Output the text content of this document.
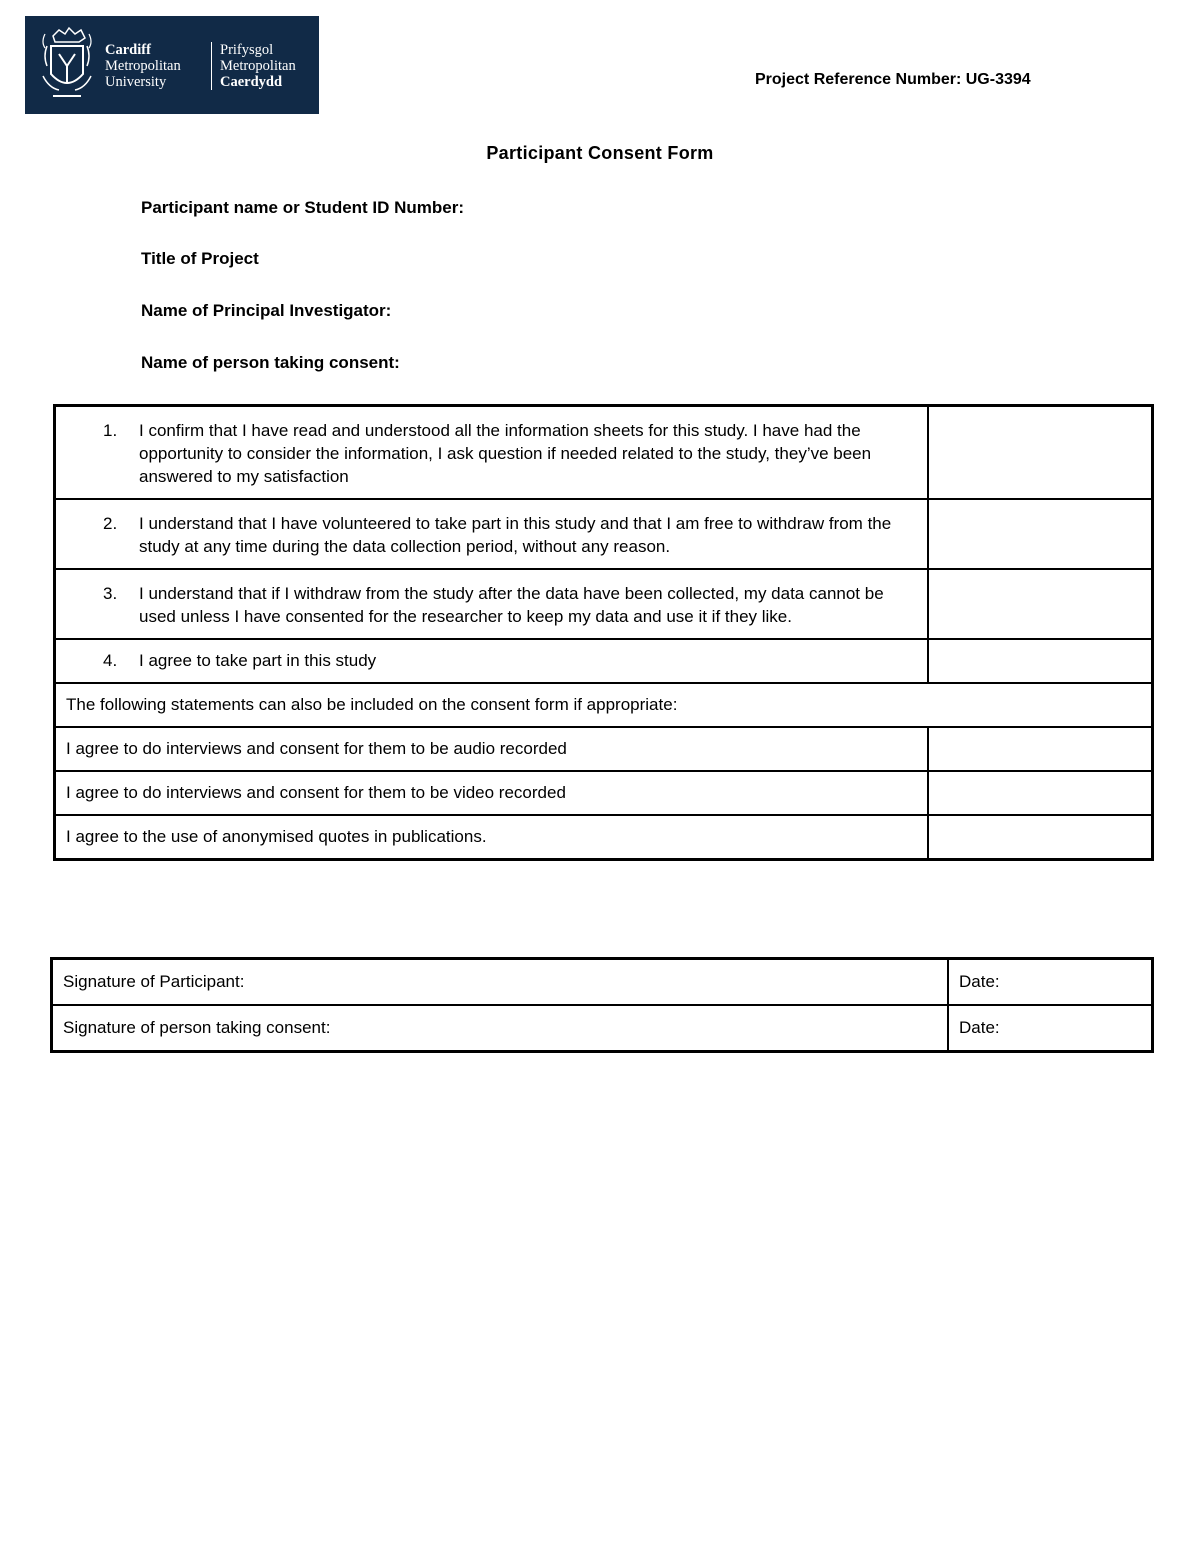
Cardiff
Metropolitan
University
Prifysgol
Metropolitan
Caerdydd	Project Reference Number: UG-3394
Participant Consent Form
Participant name or Student ID Number:
Title of Project
Name of Principal Investigator:
Name of person taking consent:
1. I confirm that I have read and understood all the information sheets for this study. I have had the opportunity to consider the information, I ask question if needed related to the study, they’ve been answered to my satisfaction	

2. I understand that I have volunteered to take part in this study and that I am free to withdraw from the study at any time during the data collection period, without any reason.	

3. I understand that if I withdraw from the study after the data have been collected, my data cannot be used unless I have consented for the researcher to keep my data and use it if they like.	

4. I agree to take part in this study	

The following statements can also be included on the consent form if appropriate:	
I agree to do interviews and consent for them to be audio recorded	
I agree to do interviews and consent for them to be video recorded	
I agree to the use of anonymised quotes in publications.	
Signature of Participant:	Date:
Signature of person taking consent:	Date:
